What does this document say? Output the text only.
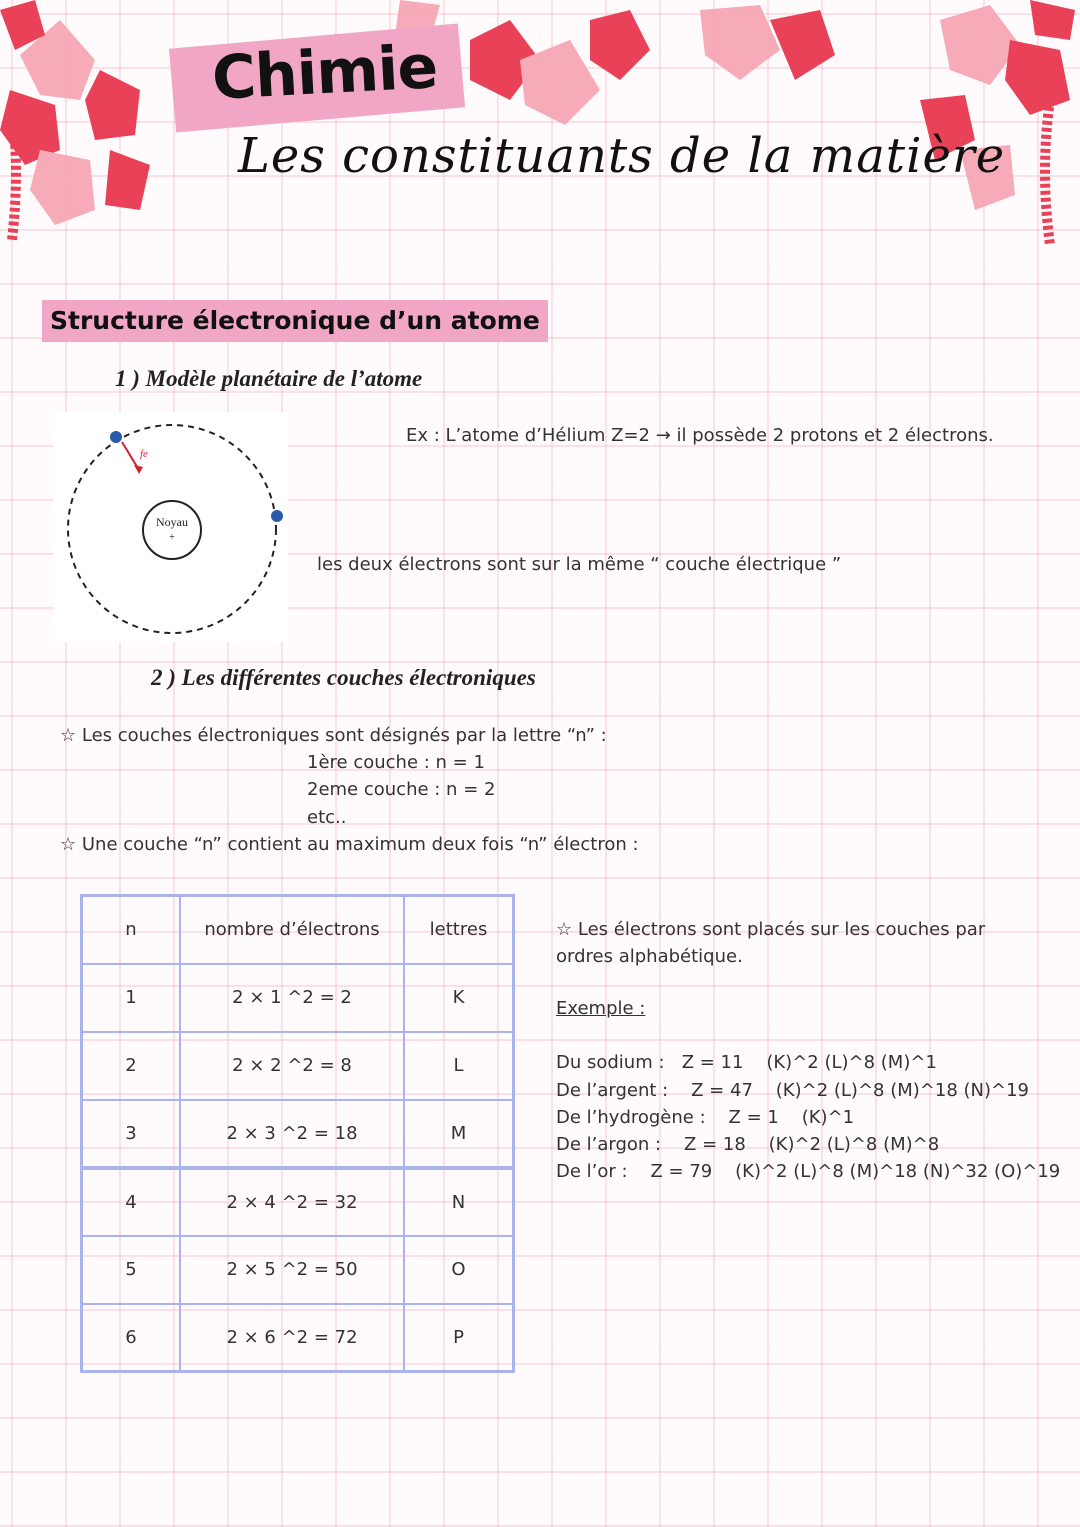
Chimie
Les constituants de la matière
Structure électronique d’un atome
1 ) Modèle planétaire de l’atome
Noyau
+
fe
Ex : L’atome d’Hélium Z=2 → il possède 2 protons et 2 électrons.
les deux électrons sont sur la même “ couche électrique ”
2 ) Les différentes couches électroniques
☆ Les couches électroniques sont désignés par la lettre “n” :
1ère couche : n = 1
2eme couche : n = 2
etc..
☆ Une couche “n” contient au maximum deux fois “n” électron :
n	nombre d’électrons	lettres
1	2 × 1 ^2 = 2	K
2	2 × 2 ^2 = 8	L
3	2 × 3 ^2 = 18	M
4	2 × 4 ^2 = 32	N
5	2 × 5 ^2 = 50	O
6	2 × 6 ^2 = 72	P
☆ Les électrons sont placés sur les couches par ordres alphabétique.
Exemple :
Du sodium :   Z = 11    (K)^2 (L)^8 (M)^1
De l’argent :    Z = 47    (K)^2 (L)^8 (M)^18 (N)^19
De l’hydrogène :    Z = 1    (K)^1
De l’argon :    Z = 18    (K)^2 (L)^8 (M)^8
De l’or :    Z = 79    (K)^2 (L)^8 (M)^18 (N)^32 (O)^19
